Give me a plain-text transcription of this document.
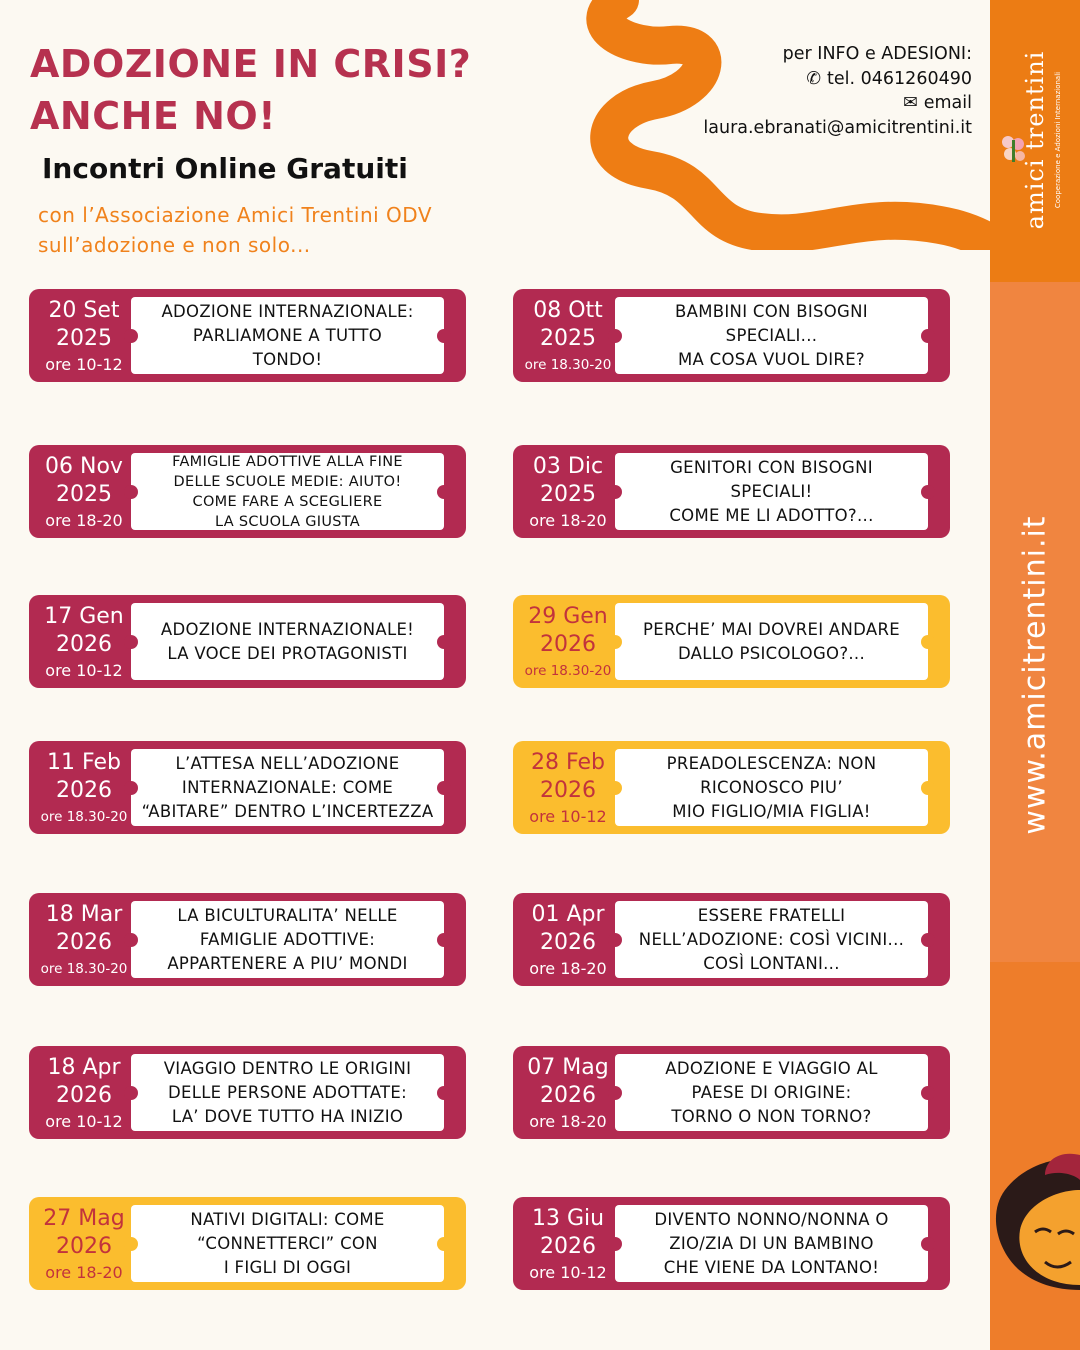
amici trentini Cooperazione e Adozioni Internazionali
www.amicitrentini.it
ADOZIONE IN CRISI?
ANCHE NO!
Incontri Online Gratuiti
con l’Associazione Amici Trentini ODV
sull’adozione e non solo...
per INFO e ADESIONI:
✆ tel. 0461260490
✉ email
laura.ebranati@amicitrentini.it
20 Set
2025
ore 10-12
ADOZIONE INTERNAZIONALE:
PARLIAMONE A TUTTO
TONDO!
08 Ott
2025
ore 18.30-20
BAMBINI CON BISOGNI
SPECIALI...
MA COSA VUOL DIRE?
06 Nov
2025
ore 18-20
FAMIGLIE ADOTTIVE ALLA FINE
DELLE SCUOLE MEDIE: AIUTO!
COME FARE A SCEGLIERE
LA SCUOLA GIUSTA
03 Dic
2025
ore 18-20
GENITORI CON BISOGNI
SPECIALI!
COME ME LI ADOTTO?...
17 Gen
2026
ore 10-12
ADOZIONE INTERNAZIONALE!
LA VOCE DEI PROTAGONISTI
29 Gen
2026
ore 18.30-20
PERCHE’ MAI DOVREI ANDARE
DALLO PSICOLOGO?...
11 Feb
2026
ore 18.30-20
L’ATTESA NELL’ADOZIONE
INTERNAZIONALE: COME
“ABITARE” DENTRO L’INCERTEZZA
28 Feb
2026
ore 10-12
PREADOLESCENZA: NON
RICONOSCO PIU’
MIO FIGLIO/MIA FIGLIA!
18 Mar
2026
ore 18.30-20
LA BICULTURALITA’ NELLE
FAMIGLIE ADOTTIVE:
APPARTENERE A PIU’ MONDI
01 Apr
2026
ore 18-20
ESSERE FRATELLI
NELL’ADOZIONE: COSÌ VICINI...
COSÌ LONTANI...
18 Apr
2026
ore 10-12
VIAGGIO DENTRO LE ORIGINI
DELLE PERSONE ADOTTATE:
LA’ DOVE TUTTO HA INIZIO
07 Mag
2026
ore 18-20
ADOZIONE E VIAGGIO AL
PAESE DI ORIGINE:
TORNO O NON TORNO?
27 Mag
2026
ore 18-20
NATIVI DIGITALI: COME
“CONNETTERCI” CON
I FIGLI DI OGGI
13 Giu
2026
ore 10-12
DIVENTO NONNO/NONNA O
ZIO/ZIA DI UN BAMBINO
CHE VIENE DA LONTANO!
